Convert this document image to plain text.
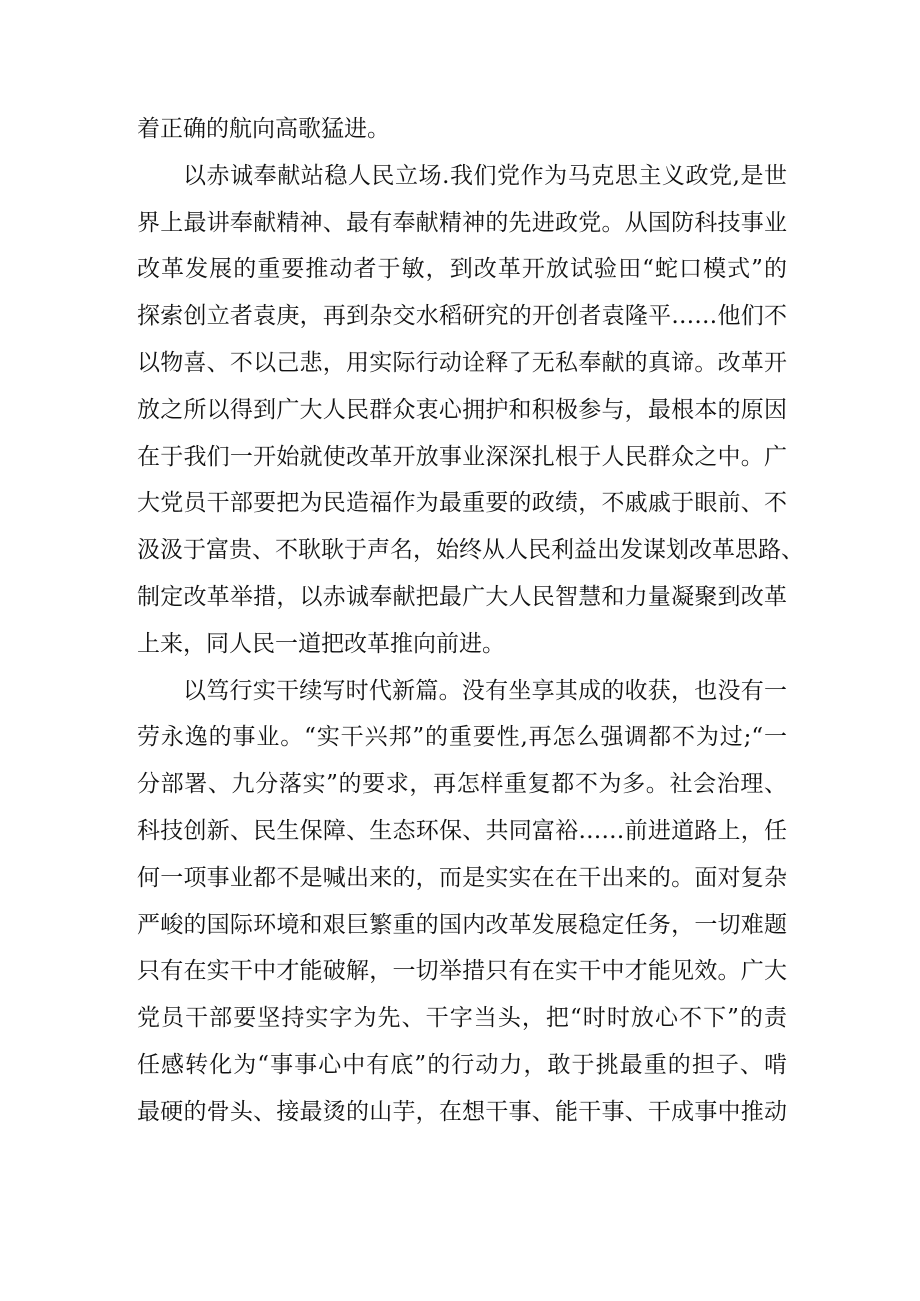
着正确的航向高歌猛进。
以赤诚奉献站稳人民立场.我们党作为马克思主义政党,是世
界上最讲奉献精神、最有奉献精神的先进政党。从国防科技事业
改革发展的重要推动者于敏，到改革开放试验田“蛇口模式”的
探索创立者袁庚，再到杂交水稻研究的开创者袁隆平……他们不
以物喜、不以己悲，用实际行动诠释了无私奉献的真谛。改革开
放之所以得到广大人民群众衷心拥护和积极参与，最根本的原因
在于我们一开始就使改革开放事业深深扎根于人民群众之中。广
大党员干部要把为民造福作为最重要的政绩，不戚戚于眼前、不
汲汲于富贵、不耿耿于声名，始终从人民利益出发谋划改革思路、
制定改革举措，以赤诚奉献把最广大人民智慧和力量凝聚到改革
上来，同人民一道把改革推向前进。
以笃行实干续写时代新篇。没有坐享其成的收获，也没有一
劳永逸的事业。“实干兴邦”的重要性,再怎么强调都不为过;“一
分部署、九分落实”的要求，再怎样重复都不为多。社会治理、
科技创新、民生保障、生态环保、共同富裕……前进道路上，任
何一项事业都不是喊出来的，而是实实在在干出来的。面对复杂
严峻的国际环境和艰巨繁重的国内改革发展稳定任务，一切难题
只有在实干中才能破解，一切举措只有在实干中才能见效。广大
党员干部要坚持实字为先、干字当头，把“时时放心不下”的责
任感转化为“事事心中有底”的行动力，敢于挑最重的担子、啃
最硬的骨头、接最烫的山芋，在想干事、能干事、干成事中推动
